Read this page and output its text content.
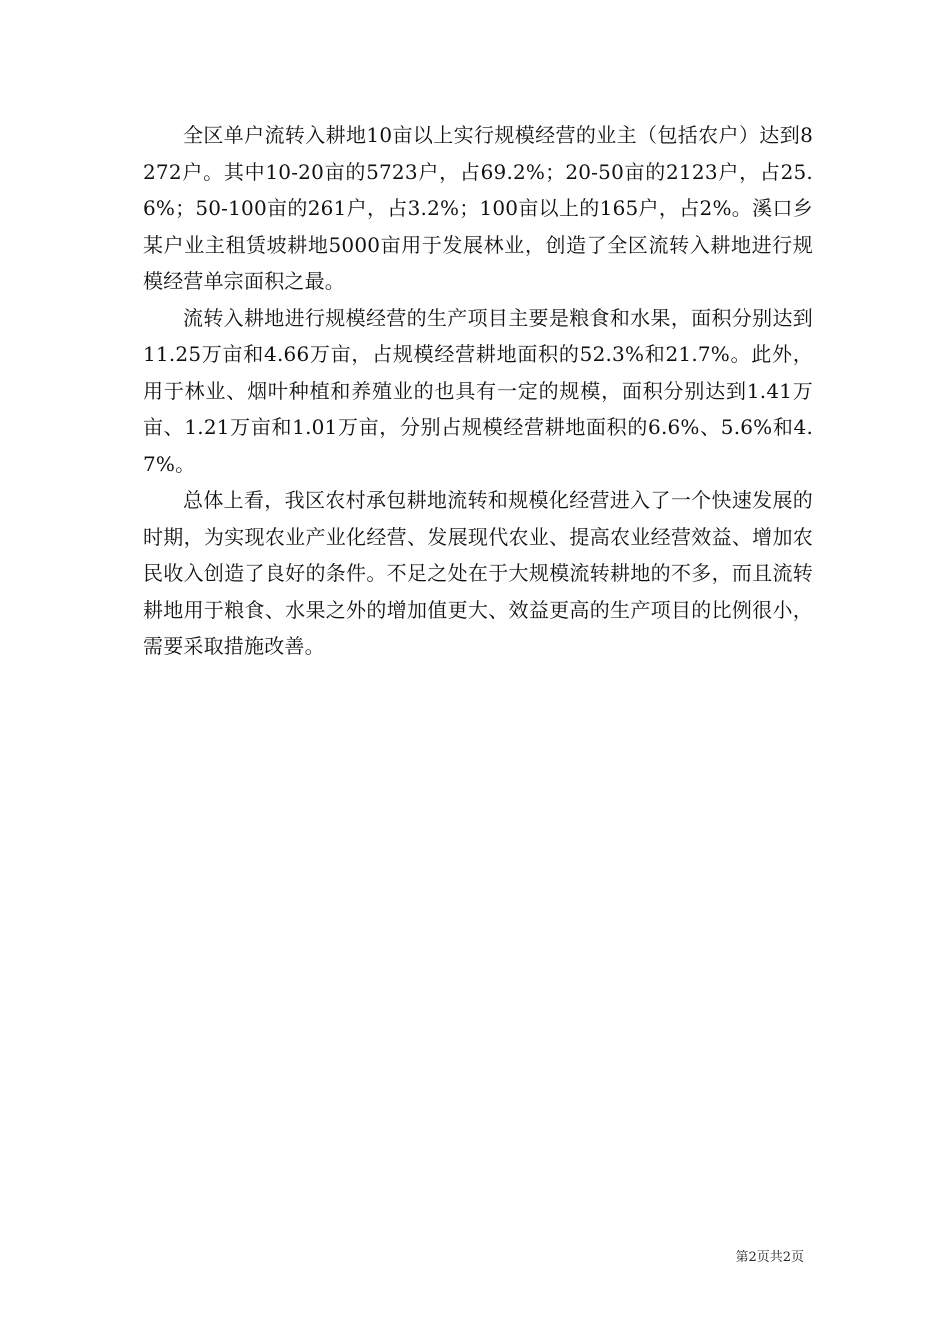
全区单户流转入耕地10亩以上实行规模经营的业主（包括农户）达到8272户。其中10-20亩的5723户，占69.2%；20-50亩的2123户，占25.6%；50-100亩的261户，占3.2%；100亩以上的165户，占2%。溪口乡某户业主租赁坡耕地5000亩用于发展林业，创造了全区流转入耕地进行规模经营单宗面积之最。

流转入耕地进行规模经营的生产项目主要是粮食和水果，面积分别达到11.25万亩和4.66万亩，占规模经营耕地面积的52.3%和21.7%。此外，用于林业、烟叶种植和养殖业的也具有一定的规模，面积分别达到1.41万亩、1.21万亩和1.01万亩，分别占规模经营耕地面积的6.6%、5.6%和4.7%。

总体上看，我区农村承包耕地流转和规模化经营进入了一个快速发展的时期，为实现农业产业化经营、发展现代农业、提高农业经营效益、增加农民收入创造了良好的条件。不足之处在于大规模流转耕地的不多，而且流转耕地用于粮食、水果之外的增加值更大、效益更高的生产项目的比例很小，需要采取措施改善。

第2页共2页
